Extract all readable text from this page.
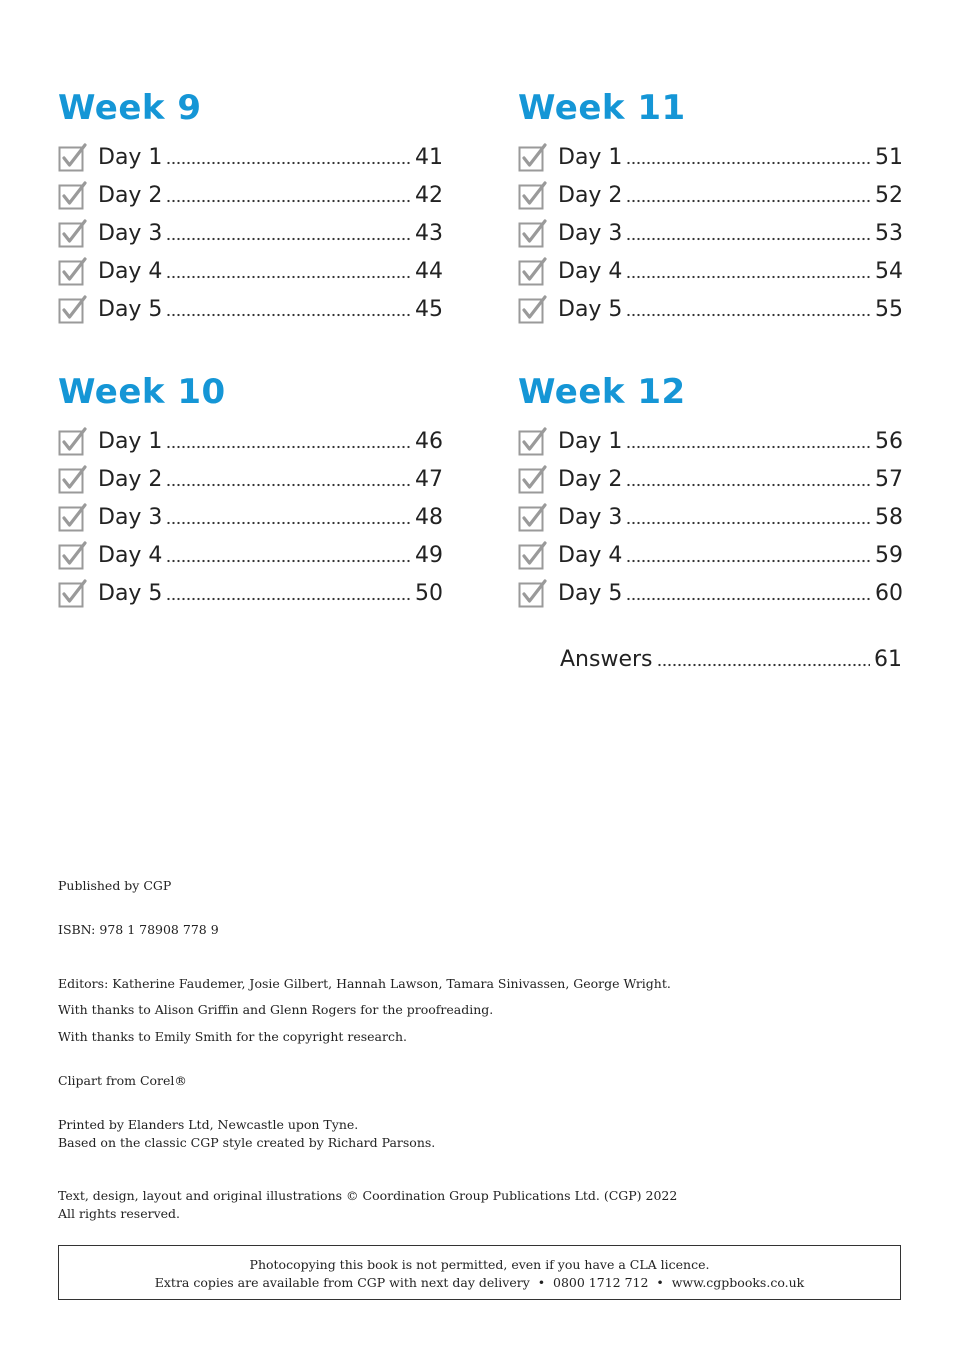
Week 9
Day 1	41
Day 2	42
Day 3	43
Day 4	44
Day 5	45
Week 11
Day 1	51
Day 2	52
Day 3	53
Day 4	54
Day 5	55
Week 10
Day 1	46
Day 2	47
Day 3	48
Day 4	49
Day 5	50
Week 12
Day 1	56
Day 2	57
Day 3	58
Day 4	59
Day 5	60
Answers	61
Published by CGP
ISBN: 978 1 78908 778 9
Editors: Katherine Faudemer, Josie Gilbert, Hannah Lawson, Tamara Sinivassen, George Wright.
With thanks to Alison Griffin and Glenn Rogers for the proofreading.
With thanks to Emily Smith for the copyright research.
Clipart from Corel®
Printed by Elanders Ltd, Newcastle upon Tyne.
Based on the classic CGP style created by Richard Parsons.
Text, design, layout and original illustrations © Coordination Group Publications Ltd. (CGP) 2022
All rights reserved.
Photocopying this book is not permitted, even if you have a CLA licence.
Extra copies are available from CGP with next day delivery  •  0800 1712 712  •  www.cgpbooks.co.uk
